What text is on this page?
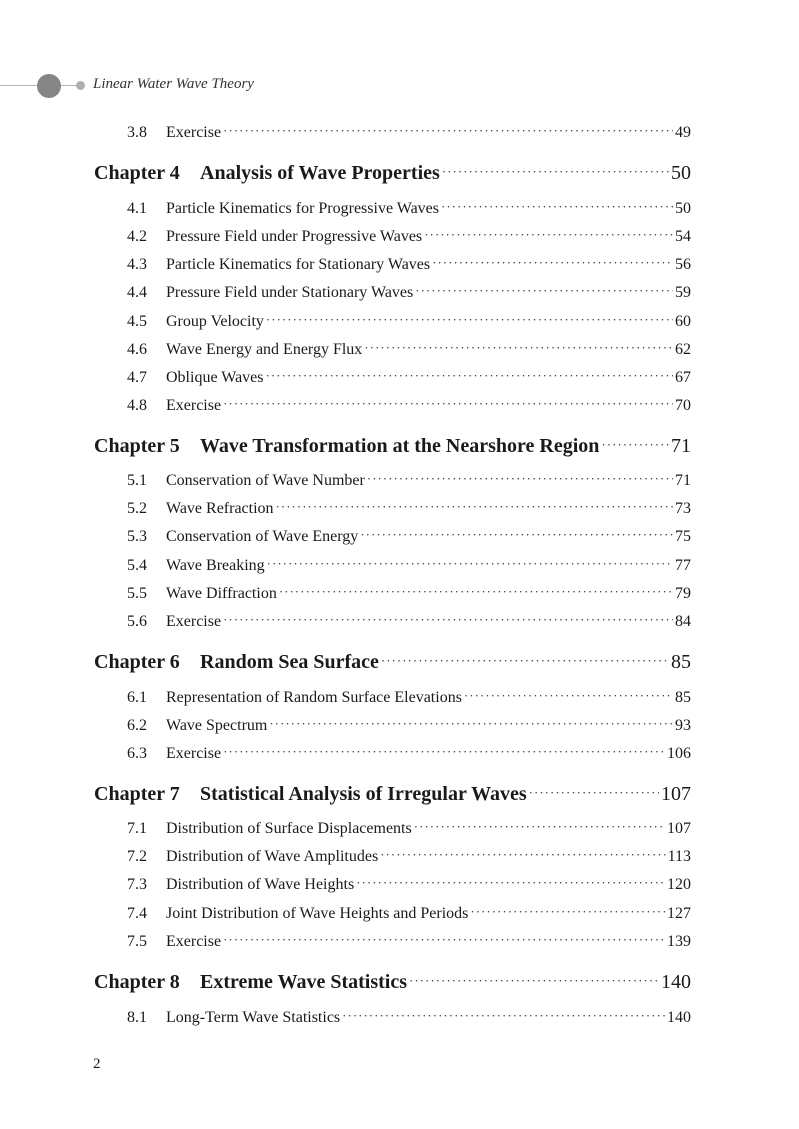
Linear Water Wave Theory
3.8	Exercise ·····	49
Chapter 4	Analysis of Wave Properties ·····	50
4.1	Particle Kinematics for Progressive Waves ·····	50
4.2	Pressure Field under Progressive Waves ·····	54
4.3	Particle Kinematics for Stationary Waves ·····	56
4.4	Pressure Field under Stationary Waves ·····	59
4.5	Group Velocity ·····	60
4.6	Wave Energy and Energy Flux ·····	62
4.7	Oblique Waves ·····	67
4.8	Exercise ·····	70
Chapter 5	Wave Transformation at the Nearshore Region ·····	71
5.1	Conservation of Wave Number ·····	71
5.2	Wave Refraction ·····	73
5.3	Conservation of Wave Energy ·····	75
5.4	Wave Breaking ·····	77
5.5	Wave Diffraction ·····	79
5.6	Exercise ·····	84
Chapter 6	Random Sea Surface ·····	85
6.1	Representation of Random Surface Elevations ·····	85
6.2	Wave Spectrum ·····	93
6.3	Exercise ·····	106
Chapter 7	Statistical Analysis of Irregular Waves ·····	107
7.1	Distribution of Surface Displacements ·····	107
7.2	Distribution of Wave Amplitudes ·····	113
7.3	Distribution of Wave Heights ·····	120
7.4	Joint Distribution of Wave Heights and Periods ·····	127
7.5	Exercise ·····	139
Chapter 8	Extreme Wave Statistics ·····	140
8.1	Long-Term Wave Statistics ·····	140
2
